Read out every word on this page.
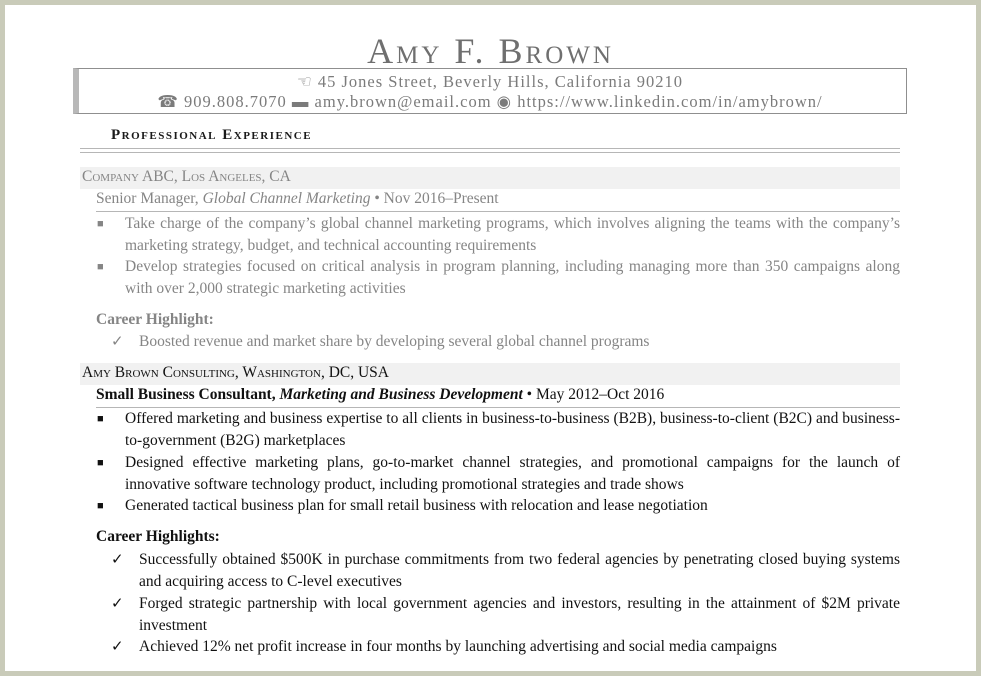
Amy F. Brown
☜ 45 Jones Street, Beverly Hills, California 90210
☎ 909.808.7070 ▬ amy.brown@email.com ◉ https://www.linkedin.com/in/amybrown/
Professional Experience
Company ABC, Los Angeles, CA
Senior Manager, Global Channel Marketing • Nov 2016–Present
■ Take charge of the company’s global channel marketing programs, which involves aligning the teams with the company’s marketing strategy, budget, and technical accounting requirements
■ Develop strategies focused on critical analysis in program planning, including managing more than 350 campaigns along with over 2,000 strategic marketing activities
Career Highlight:
✓ Boosted revenue and market share by developing several global channel programs
Amy Brown Consulting, Washington, DC, USA
Small Business Consultant, Marketing and Business Development • May 2012–Oct 2016
■ Offered marketing and business expertise to all clients in business-to-business (B2B), business-to-client (B2C) and business-to-government (B2G) marketplaces
■ Designed effective marketing plans, go-to-market channel strategies, and promotional campaigns for the launch of innovative software technology product, including promotional strategies and trade shows
■ Generated tactical business plan for small retail business with relocation and lease negotiation
Career Highlights:
✓ Successfully obtained $500K in purchase commitments from two federal agencies by penetrating closed buying systems and acquiring access to C-level executives
✓ Forged strategic partnership with local government agencies and investors, resulting in the attainment of $2M private investment
✓ Achieved 12% net profit increase in four months by launching advertising and social media campaigns
